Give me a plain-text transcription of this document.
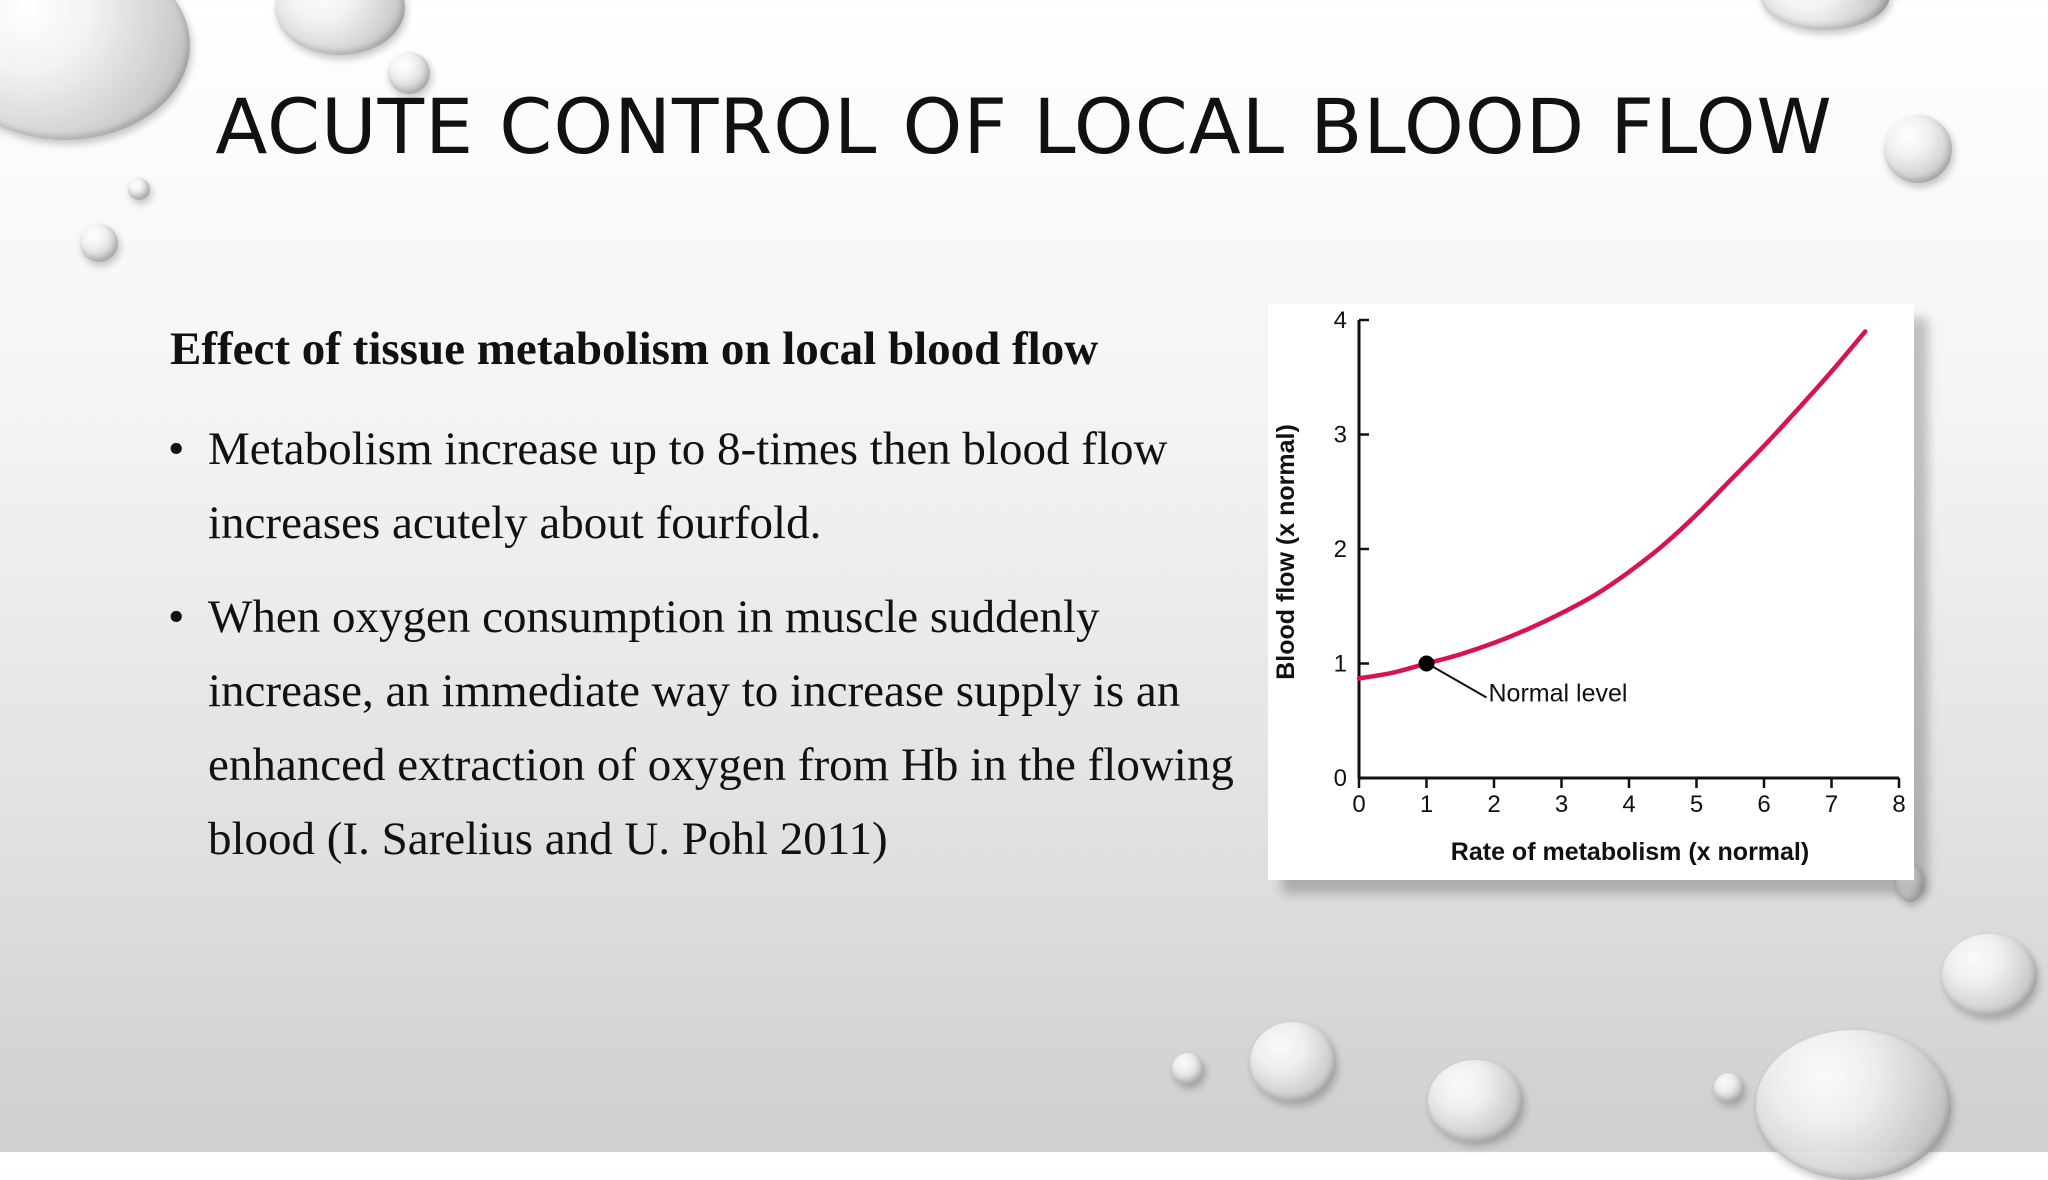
ACUTE CONTROL OF LOCAL BLOOD FLOW

Effect of tissue metabolism on local blood flow

• Metabolism increase up to 8-times then blood flow increases acutely about fourfold.
• When oxygen consumption in muscle suddenly increase, an immediate way to increase supply is an enhanced extraction of oxygen from Hb in the flowing blood (I. Sarelius and U. Pohl 2011)
0 1 2 3 4 5 6 7 8
0
1
2
3
4
Normal level
Rate of metabolism (x normal)
Blood flow (x normal)
